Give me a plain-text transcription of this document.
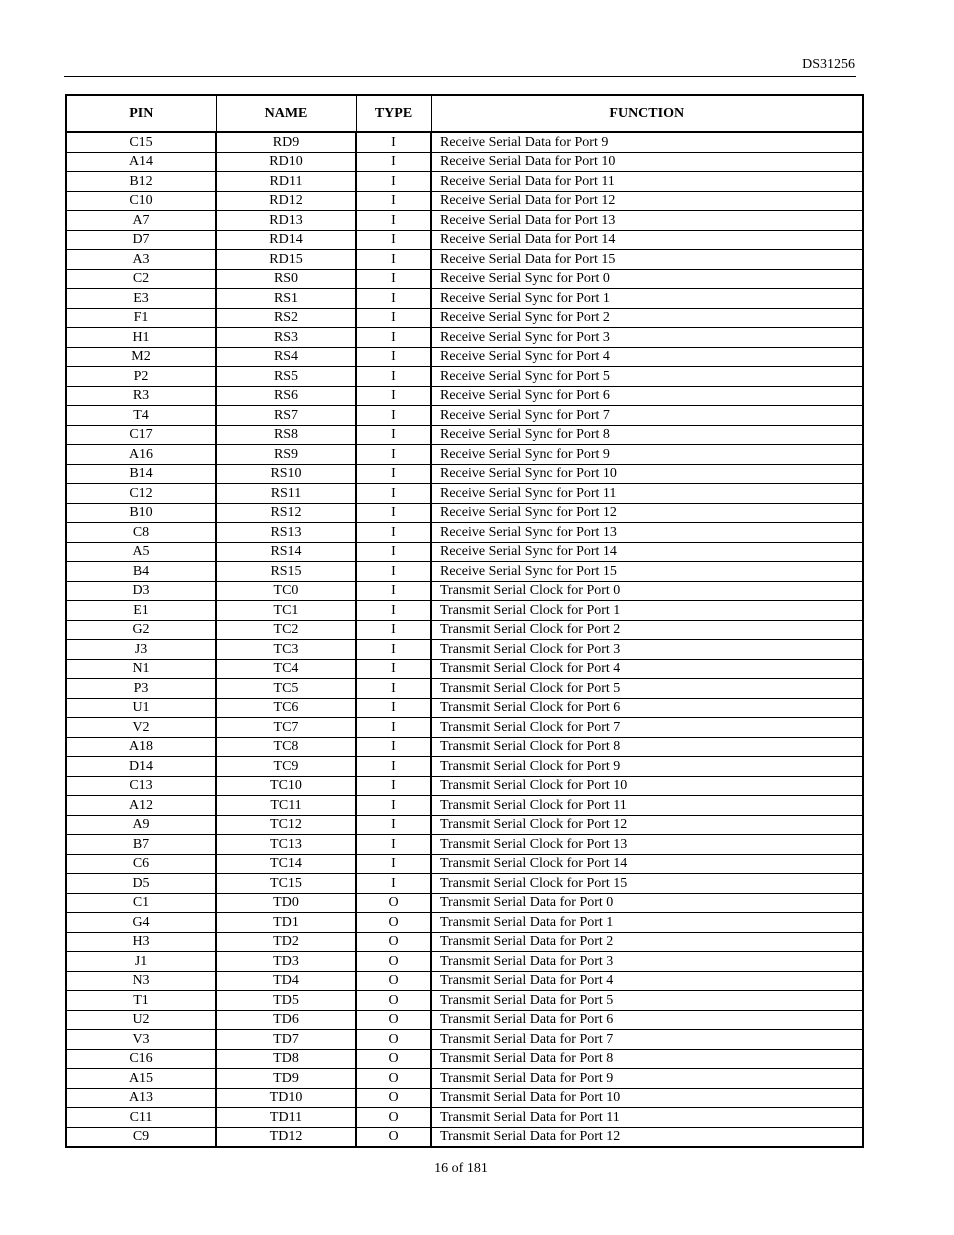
DS31256
PIN	NAME	TYPE	FUNCTION
C15	RD9	I	Receive Serial Data for Port 9
A14	RD10	I	Receive Serial Data for Port 10
B12	RD11	I	Receive Serial Data for Port 11
C10	RD12	I	Receive Serial Data for Port 12
A7	RD13	I	Receive Serial Data for Port 13
D7	RD14	I	Receive Serial Data for Port 14
A3	RD15	I	Receive Serial Data for Port 15
C2	RS0	I	Receive Serial Sync for Port 0
E3	RS1	I	Receive Serial Sync for Port 1
F1	RS2	I	Receive Serial Sync for Port 2
H1	RS3	I	Receive Serial Sync for Port 3
M2	RS4	I	Receive Serial Sync for Port 4
P2	RS5	I	Receive Serial Sync for Port 5
R3	RS6	I	Receive Serial Sync for Port 6
T4	RS7	I	Receive Serial Sync for Port 7
C17	RS8	I	Receive Serial Sync for Port 8
A16	RS9	I	Receive Serial Sync for Port 9
B14	RS10	I	Receive Serial Sync for Port 10
C12	RS11	I	Receive Serial Sync for Port 11
B10	RS12	I	Receive Serial Sync for Port 12
C8	RS13	I	Receive Serial Sync for Port 13
A5	RS14	I	Receive Serial Sync for Port 14
B4	RS15	I	Receive Serial Sync for Port 15
D3	TC0	I	Transmit Serial Clock for Port 0
E1	TC1	I	Transmit Serial Clock for Port 1
G2	TC2	I	Transmit Serial Clock for Port 2
J3	TC3	I	Transmit Serial Clock for Port 3
N1	TC4	I	Transmit Serial Clock for Port 4
P3	TC5	I	Transmit Serial Clock for Port 5
U1	TC6	I	Transmit Serial Clock for Port 6
V2	TC7	I	Transmit Serial Clock for Port 7
A18	TC8	I	Transmit Serial Clock for Port 8
D14	TC9	I	Transmit Serial Clock for Port 9
C13	TC10	I	Transmit Serial Clock for Port 10
A12	TC11	I	Transmit Serial Clock for Port 11
A9	TC12	I	Transmit Serial Clock for Port 12
B7	TC13	I	Transmit Serial Clock for Port 13
C6	TC14	I	Transmit Serial Clock for Port 14
D5	TC15	I	Transmit Serial Clock for Port 15
C1	TD0	O	Transmit Serial Data for Port 0
G4	TD1	O	Transmit Serial Data for Port 1
H3	TD2	O	Transmit Serial Data for Port 2
J1	TD3	O	Transmit Serial Data for Port 3
N3	TD4	O	Transmit Serial Data for Port 4
T1	TD5	O	Transmit Serial Data for Port 5
U2	TD6	O	Transmit Serial Data for Port 6
V3	TD7	O	Transmit Serial Data for Port 7
C16	TD8	O	Transmit Serial Data for Port 8
A15	TD9	O	Transmit Serial Data for Port 9
A13	TD10	O	Transmit Serial Data for Port 10
C11	TD11	O	Transmit Serial Data for Port 11
C9	TD12	O	Transmit Serial Data for Port 12
16 of 181
